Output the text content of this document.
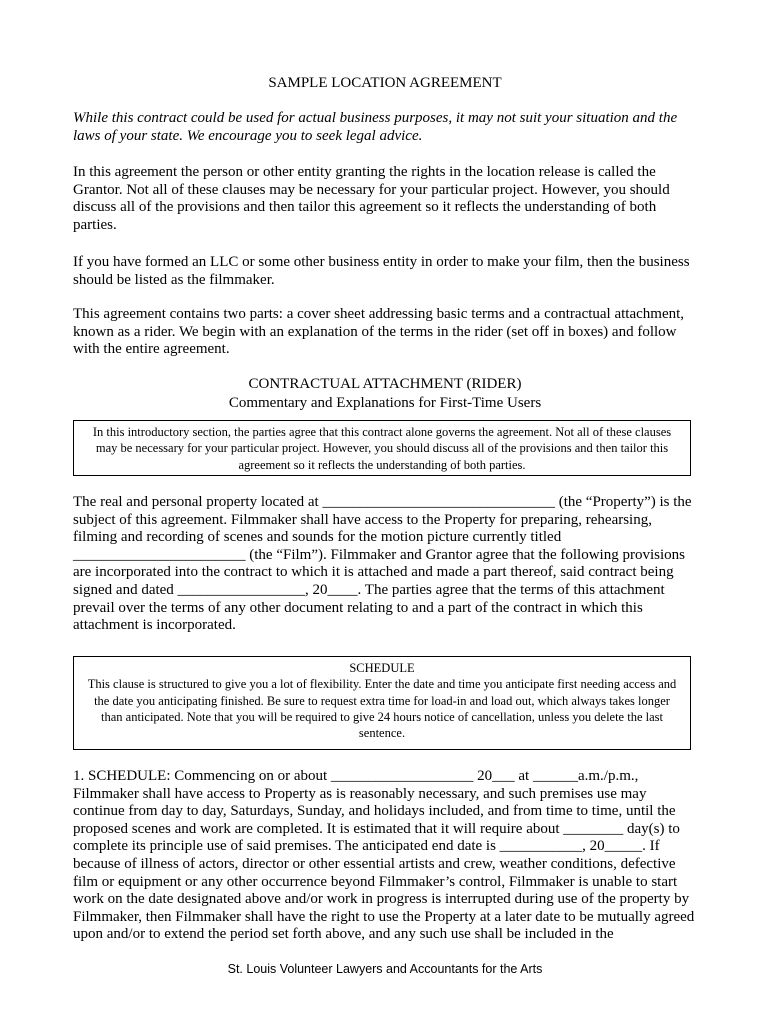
SAMPLE LOCATION AGREEMENT

While this contract could be used for actual business purposes, it may not suit your situation and the laws of your state. We encourage you to seek legal advice.

In this agreement the person or other entity granting the rights in the location release is called the Grantor. Not all of these clauses may be necessary for your particular project. However, you should discuss all of the provisions and then tailor this agreement so it reflects the understanding of both parties.

If you have formed an LLC or some other business entity in order to make your film, then the business should be listed as the filmmaker.

This agreement contains two parts: a cover sheet addressing basic terms and a contractual attachment, known as a rider. We begin with an explanation of the terms in the rider (set off in boxes) and follow with the entire agreement.

CONTRACTUAL ATTACHMENT (RIDER)
Commentary and Explanations for First-Time Users
In this introductory section, the parties agree that this contract alone governs the agreement. Not all of these clauses may be necessary for your particular project. However, you should discuss all of the provisions and then tailor this agreement so it reflects the understanding of both parties.

The real and personal property located at _______________________________ (the “Property”) is the subject of this agreement. Filmmaker shall have access to the Property for preparing, rehearsing, filming and recording of scenes and sounds for the motion picture currently titled _______________________ (the “Film”). Filmmaker and Grantor agree that the following provisions are incorporated into the contract to which it is attached and made a part thereof, said contract being signed and dated _________________, 20____. The parties agree that the terms of this attachment prevail over the terms of any other document relating to and a part of the contract in which this attachment is incorporated.

SCHEDULE
This clause is structured to give you a lot of flexibility. Enter the date and time you anticipate first needing access and the date you anticipating finished. Be sure to request extra time for load-in and load out, which always takes longer than anticipated. Note that you will be required to give 24 hours notice of cancellation, unless you delete the last sentence.

1. SCHEDULE: Commencing on or about ___________________ 20___ at ______a.m./p.m., Filmmaker shall have access to Property as is reasonably necessary, and such premises use may continue from day to day, Saturdays, Sunday, and holidays included, and from time to time, until the proposed scenes and work are completed. It is estimated that it will require about ________ day(s) to complete its principle use of said premises. The anticipated end date is ___________, 20_____. If because of illness of actors, director or other essential artists and crew, weather conditions, defective film or equipment or any other occurrence beyond Filmmaker’s control, Filmmaker is unable to start work on the date designated above and/or work in progress is interrupted during use of the property by Filmmaker, then Filmmaker shall have the right to use the Property at a later date to be mutually agreed upon and/or to extend the period set forth above, and any such use shall be included in the

St. Louis Volunteer Lawyers and Accountants for the Arts
